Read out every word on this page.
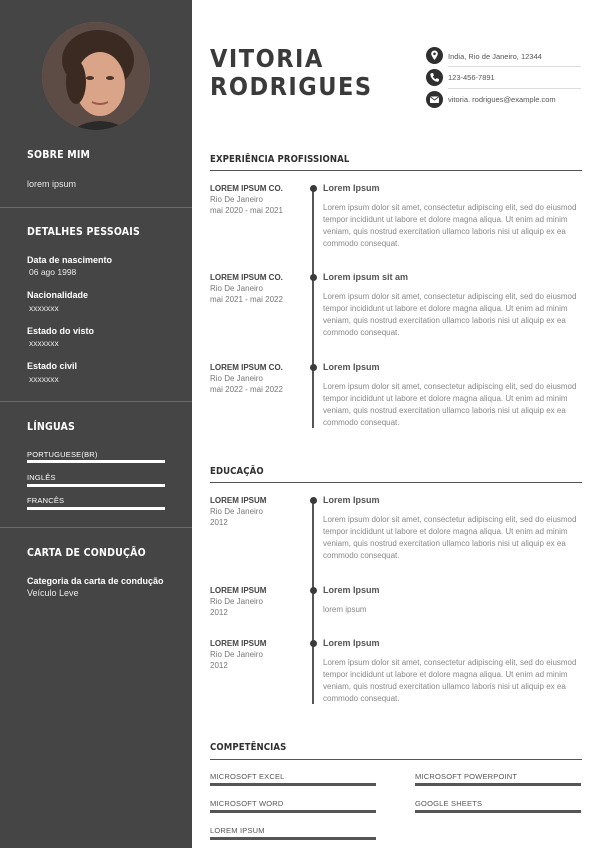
SOBRE MIM
lorem ipsum
DETALHES PESSOAIS
Data de nascimento
06 ago 1998
Nacionalidade
xxxxxxx
Estado do visto
xxxxxxx
Estado civil
xxxxxxx
LÍNGUAS
PORTUGUESE(BR)
INGLÊS
FRANCÊS
CARTA DE CONDUÇÃO
Categoria da carta de condução
Veículo Leve
VITORIA
RODRIGUES
India, Rio de Janeiro, 12344
123-456-7891
vitoria. rodrigues@example.com
EXPERIÊNCIA PROFISSIONAL
LOREM IPSUM CO.
Rio De Janeiro
mai 2020 - mai 2021
Lorem Ipsum
Lorem ipsum dolor sit amet, consectetur adipiscing elit, sed do eiusmod tempor incididunt ut labore et dolore magna aliqua. Ut enim ad minim veniam, quis nostrud exercitation ullamco laboris nisi ut aliquip ex ea commodo consequat.
LOREM IPSUM CO.
Rio De Janeiro
mai 2021 - mai 2022
Lorem ipsum sit am
Lorem ipsum dolor sit amet, consectetur adipiscing elit, sed do eiusmod tempor incididunt ut labore et dolore magna aliqua. Ut enim ad minim veniam, quis nostrud exercitation ullamco laboris nisi ut aliquip ex ea commodo consequat.
LOREM IPSUM CO.
Rio De Janeiro
mai 2022 - mai 2022
Lorem Ipsum
Lorem ipsum dolor sit amet, consectetur adipiscing elit, sed do eiusmod tempor incididunt ut labore et dolore magna aliqua. Ut enim ad minim veniam, quis nostrud exercitation ullamco laboris nisi ut aliquip ex ea commodo consequat.
EDUCAÇÃO
LOREM IPSUM
Rio De Janeiro
2012
Lorem Ipsum
Lorem ipsum dolor sit amet, consectetur adipiscing elit, sed do eiusmod tempor incididunt ut labore et dolore magna aliqua. Ut enim ad minim veniam, quis nostrud exercitation ullamco laboris nisi ut aliquip ex ea commodo consequat.
LOREM IPSUM
Rio De Janeiro
2012
Lorem Ipsum
lorem ipsum
LOREM IPSUM
Rio De Janeiro
2012
Lorem Ipsum
Lorem ipsum dolor sit amet, consectetur adipiscing elit, sed do eiusmod tempor incididunt ut labore et dolore magna aliqua. Ut enim ad minim veniam, quis nostrud exercitation ullamco laboris nisi ut aliquip ex ea commodo consequat.
COMPETÊNCIAS
MICROSOFT EXCEL	MICROSOFT POWERPOINT
MICROSOFT WORD	GOOGLE SHEETS
LOREM IPSUM
